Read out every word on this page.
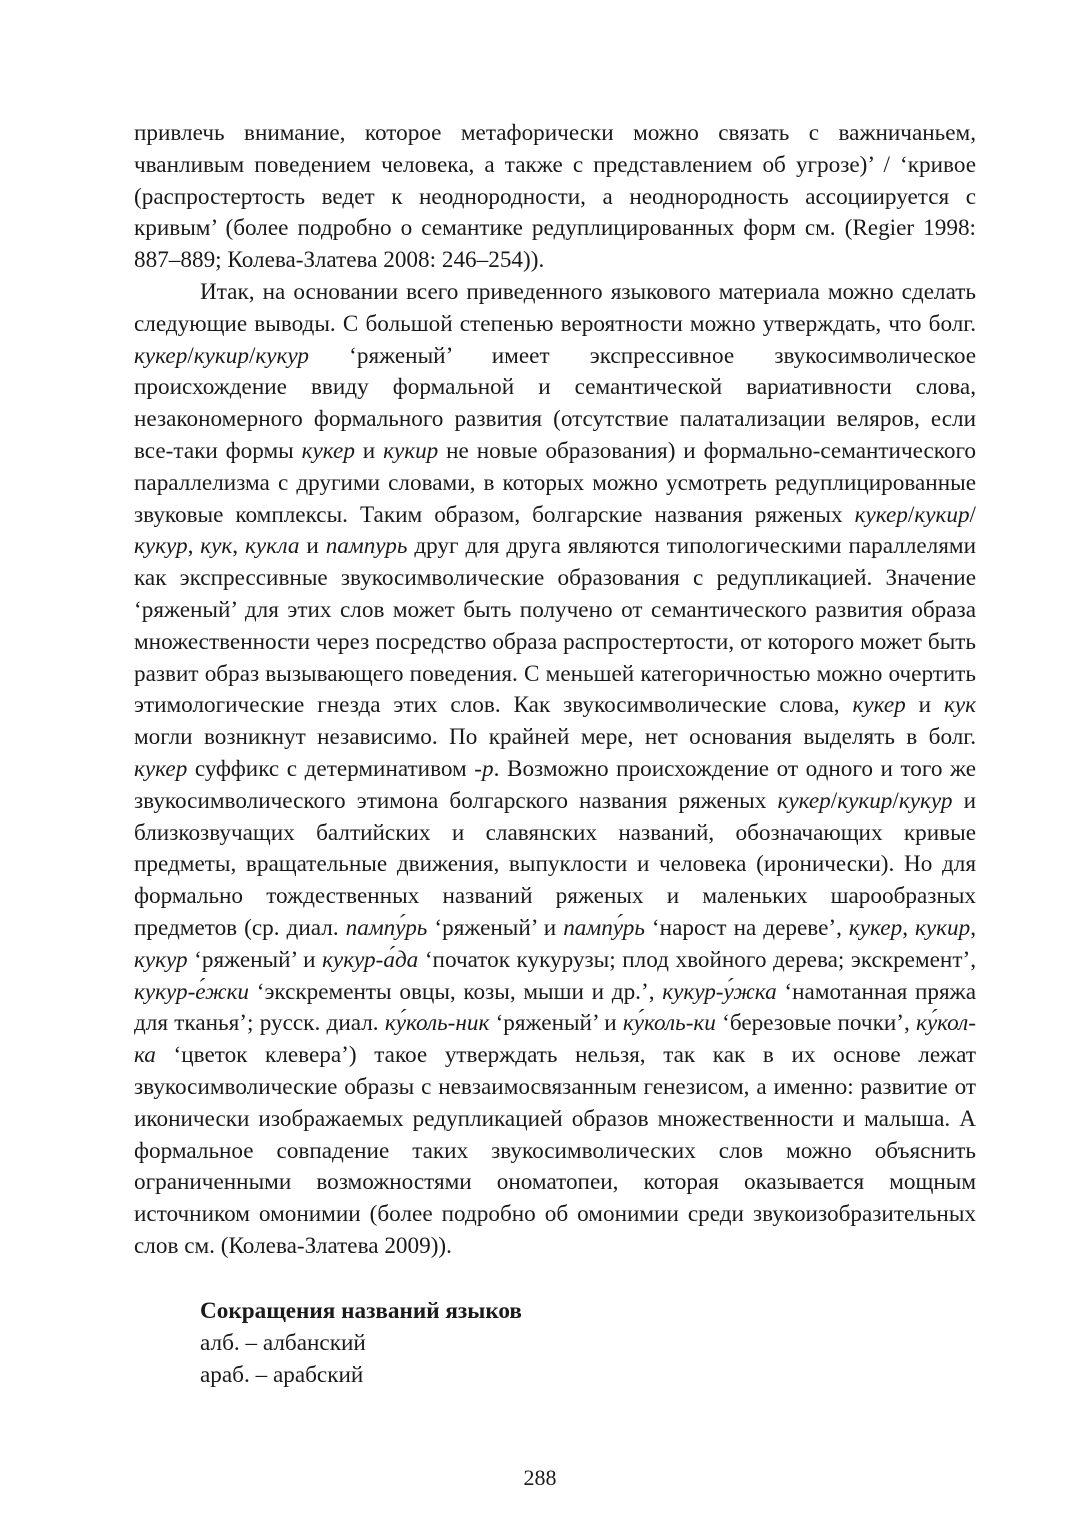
привлечь внимание, которое метафорически можно связать с важничаньем, чванливым поведением человека, а также с представлением об угрозе)’ / ‘кривое (распростертость ведет к неоднородности, а неоднородность ассоциируется с кривым’ (более подробно о семантике редуплицированных форм см. (Regier 1998: 887–889; Колева-Златева 2008: 246–254)).

Итак, на основании всего приведенного языкового материала можно сделать следующие выводы. С большой степенью вероятности можно утверждать, что болг. кукер/кукир/кукур ‘ряженый’ имеет экспрессивное звукосимволическое происхождение ввиду формальной и семантической вариативности слова, незакономерного формального развития (отсутствие палатализации веляров, если все-таки формы кукер и кукир не новые образования) и формально-семантического параллелизма с другими словами, в которых можно усмотреть редуплицированные звуковые комплексы. Таким образом, болгарские названия ряженых кукер/кукир/кукур, кук, кукла и пампурь друг для друга являются типологическими параллелями как экспрессивные звукосимволические образования с редупликацией. Значение ‘ряженый’ для этих слов может быть получено от семантического развития образа множественности через посредство образа распростертости, от которого может быть развит образ вызывающего поведения. С меньшей категоричностью можно очертить этимологические гнезда этих слов. Как звукосимволические слова, кукер и кук могли возникнут независимо. По крайней мере, нет основания выделять в болг. кукер суффикс с детерминативом -р. Возможно происхождение от одного и того же звукосимволического этимона болгарского названия ряженых кукер/кукир/кукур и близкозвучащих балтийских и славянских названий, обозначающих кривые предметы, вращательные движения, выпуклости и человека (иронически). Но для формально тождественных названий ряженых и маленьких шарообразных предметов (ср. диал. пампу́рь ‘ряженый’ и пампу́рь ‘нарост на дереве’, кукер, кукир, кукур ‘ряженый’ и кукур-а́да ‘початок кукурузы; плод хвойного дерева; экскремент’, кукур-е́жки ‘экскременты овцы, козы, мыши и др.’, кукур-у́жка ‘намотанная пряжа для тканья’; русск. диал. ку́коль-ник ‘ряженый’ и ку́коль-ки ‘березовые почки’, ку́кол-ка ‘цветок клевера’) такое утверждать нельзя, так как в их основе лежат звукосимволические образы с невзаимосвязанным генезисом, а именно: развитие от иконически изображаемых редупликацией образов множественности и малыша. А формальное совпадение таких звукосимволических слов можно объяснить ограниченными возможностями ономатопеи, которая оказывается мощным источником омонимии (более подробно об омонимии среди звукоизобразительных слов см. (Колева-Златева 2009)).

Сокращения названий языков

алб. – албанский

араб. – арабский

288
